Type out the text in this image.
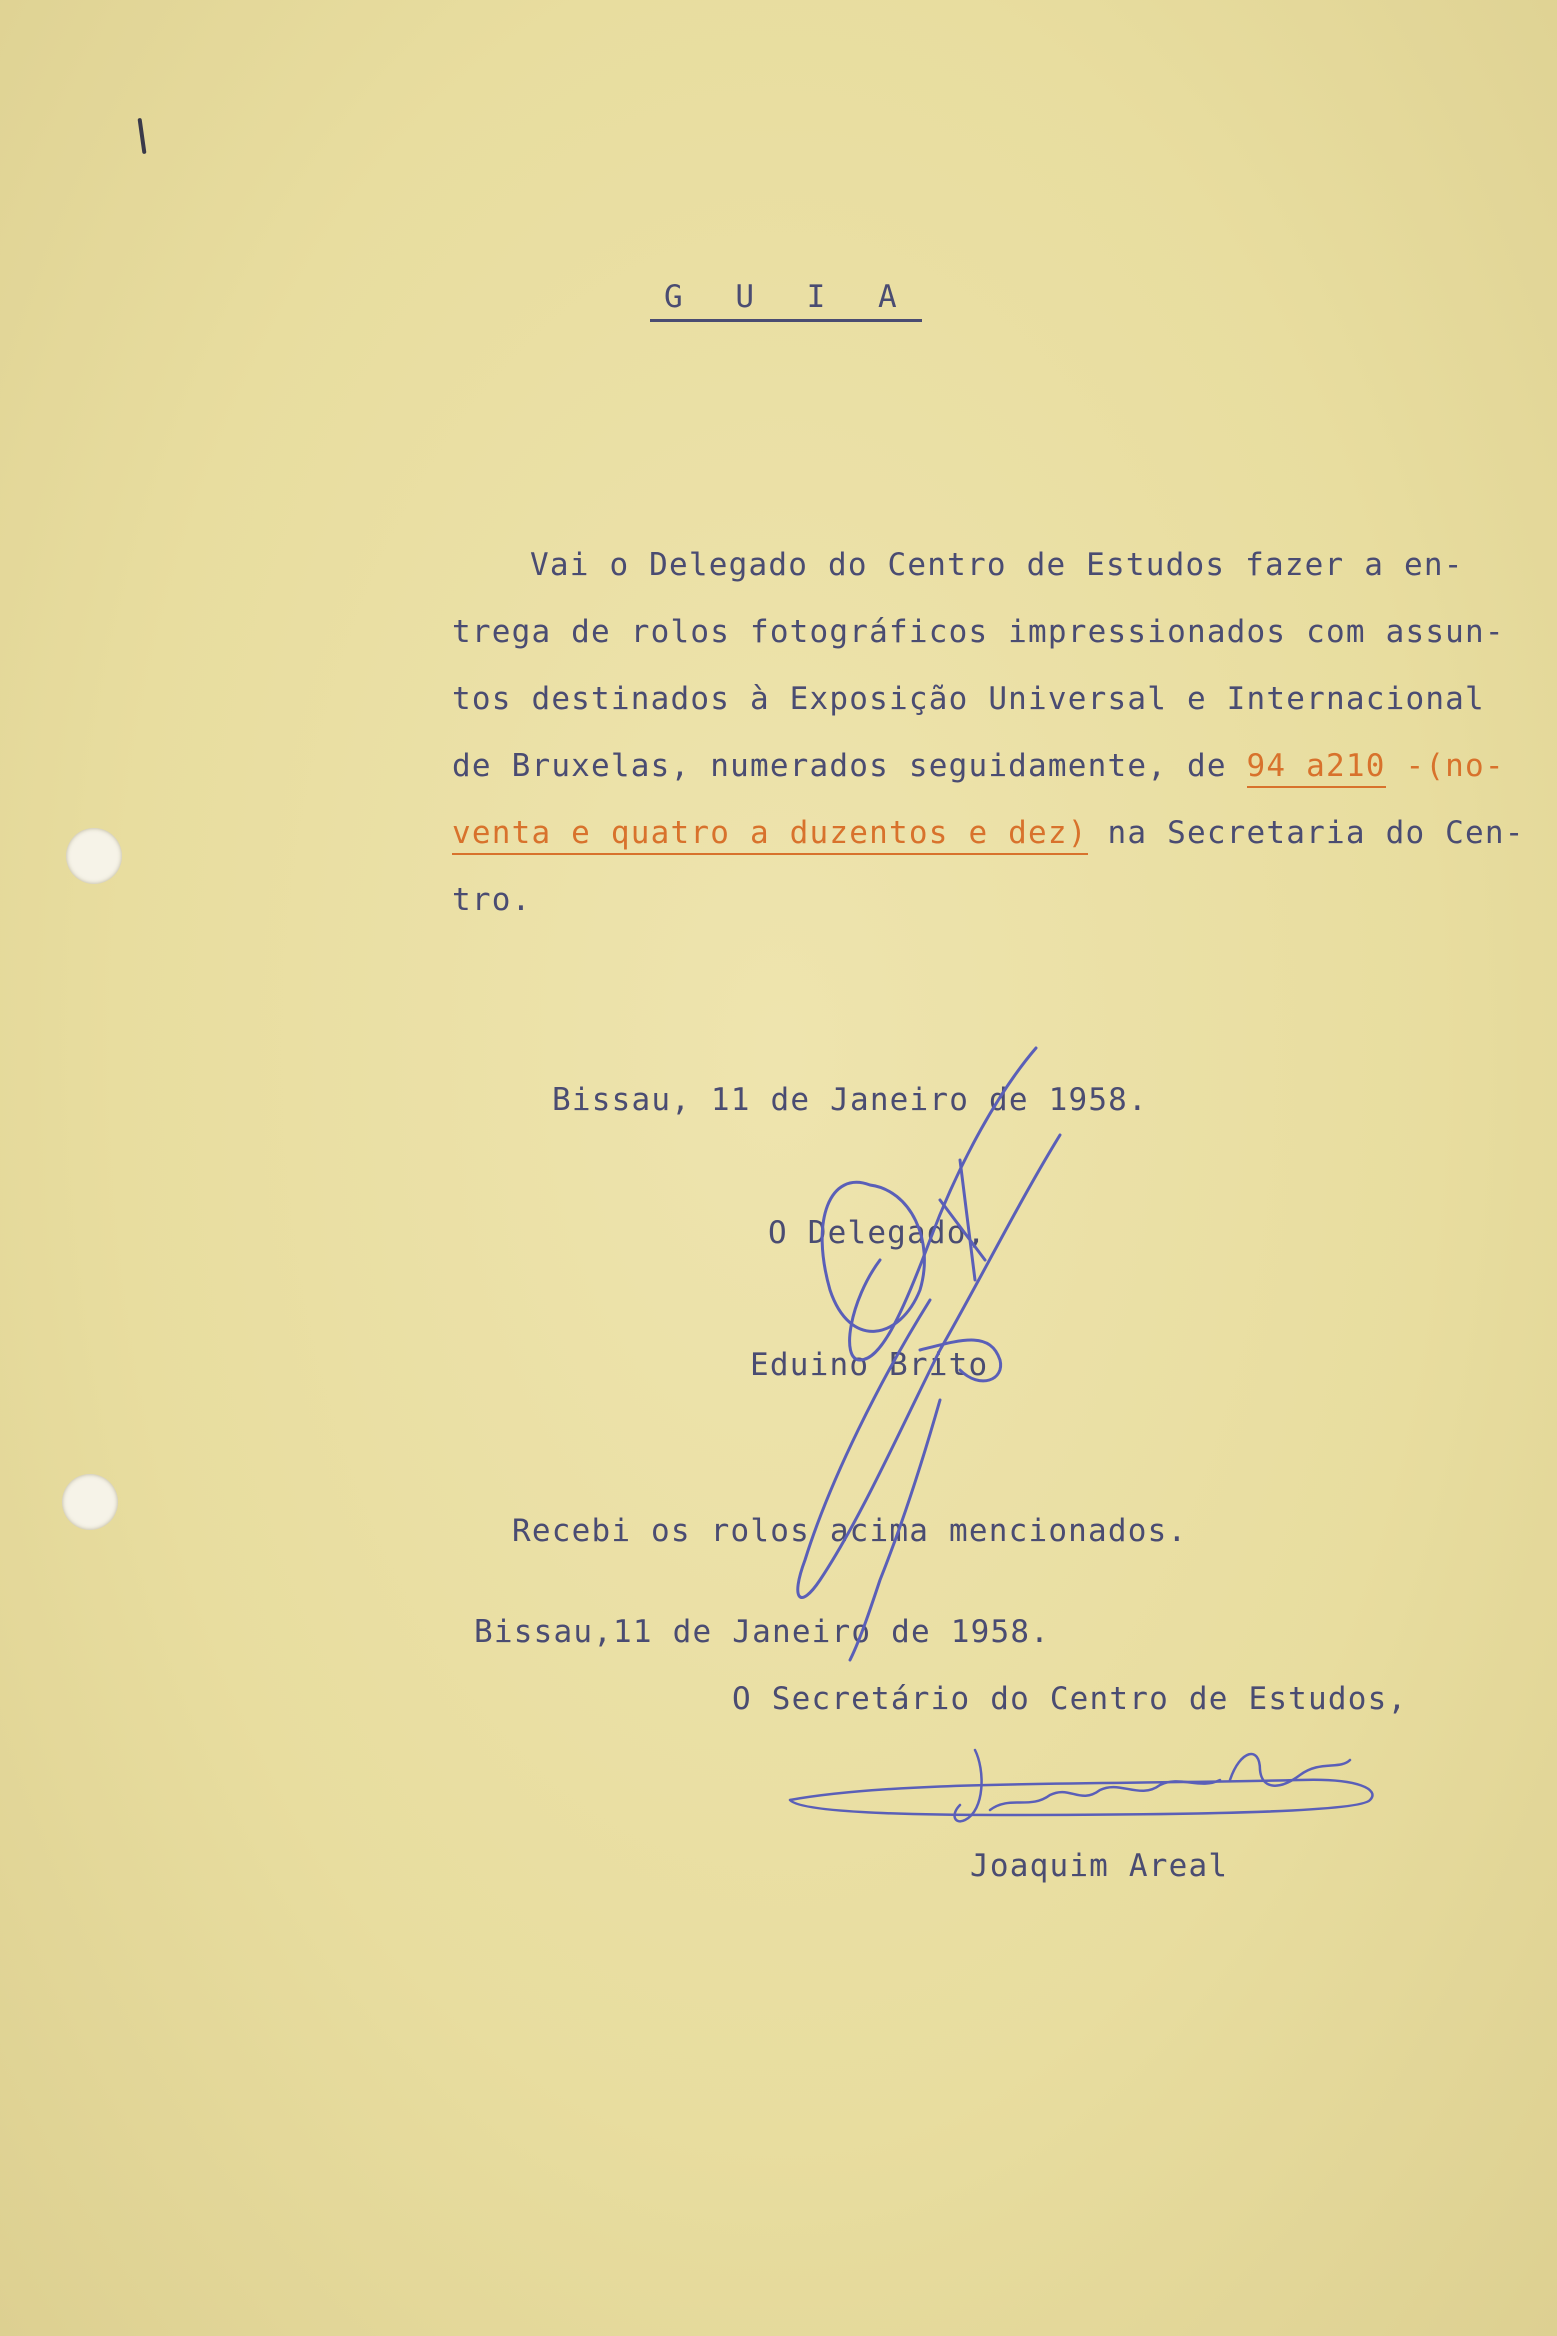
G U I A
Vai o Delegado do Centro de Estudos fazer a en-
trega de rolos fotográficos impressionados com assun-
tos destinados à Exposição Universal e Internacional
de Bruxelas, numerados seguidamente, de 94 a210 -(no-
venta e quatro a duzentos e dez) na Secretaria do Cen-
tro.
Bissau, 11 de Janeiro de 1958.
O Delegado,
Eduino Brito
Recebi os rolos acima mencionados.
Bissau,11 de Janeiro de 1958.
O Secretário do Centro de Estudos,
Joaquim Areal
